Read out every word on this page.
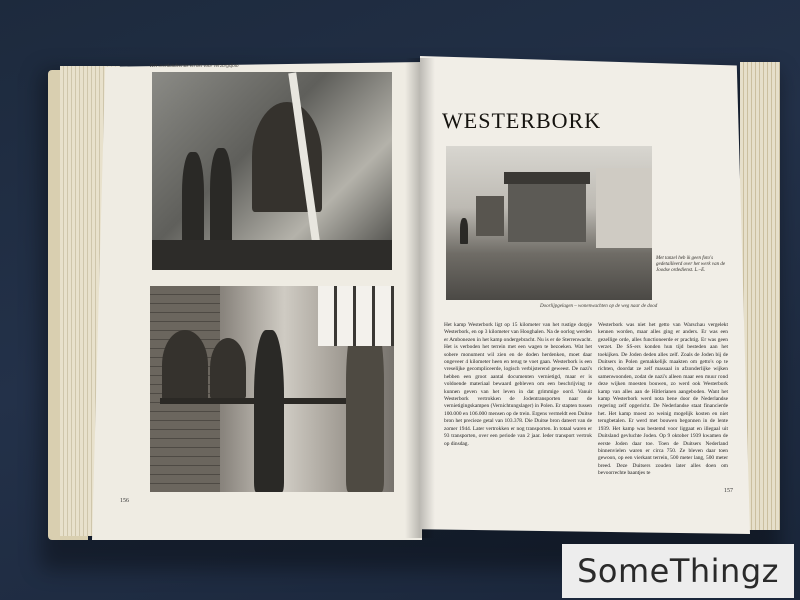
Het ovenlandverste en het voor verzorgsfoto
156
WESTERBORK
Doorlijpgelagen – wonenwachten op de weg naar de dood
Met tanzel heb ik geen foto's gedetailleerd over het werk van de Joodse ordedienst. L.–E.
Het kamp Westerbork ligt op 15 kilometer van het rustige dorpje Westerbork, en op 3 kilometer van Hooghalen. Na de oorlog werden er Ambonezen in het kamp ondergebracht. Nu is er de Sterrenwacht. Het is verboden het terrein met een wagen te bezoeken. Wat het sobere monument wil zien en de doden herdenken, moet daar ongeveer 4 kilometer heen en terug te voet gaan. Westerbork is een vreselijke gecompliceerde, logisch verbijsterend geweest. De nazi's hebben een groot aantal documenten vernietigd, maar er is voldoende materiaal bewaard gebleven om een beschrijving te kunnen geven van het leven in dat grimmige oord. Vanuit Westerbork vertrokken de Jodentransporten naar de vernietigingskampen (Vernichtungslager) in Polen. Er stapten tussen 100.000 en 106.000 mensen op de trein. Ergens vermeldt een Duitse bron het precieze getal van 103.378. Die Duitse bron dateert van de zomer 1944. Later vertrokken er nog transporten. In totaal waren er 93 transporten, over een periode van 2 jaar. Ieder transport vertrok op dinsdag.
Westerbork was niet het getto van Warschau vergelekt kennen worden, maar alles ging er anders. Er was een gezellige orde, alles functioneerde er prachtig. Er was geen verzet. De SS-ers konden hun tijd besteden aan het toekijken. De Joden deden alles zelf. Zoals de Joden bij de Duitsers in Polen gemakkelijk maakten om getto's op te richten, doordat ze zelf massaal in afzonderlijke wijken samenwoonden, zodat de nazi's alleen maar een muur rond deze wijken moesten bouwen, zo werd ook Westerbork kamp van alles aan de Hitlerianen aangeboden. Want het kamp Westerbork werd nota bene door de Nederlandse regering zelf opgericht. De Nederlandse staat financierde het. Het kamp moest zo weinig mogelijk kosten en niet terugbetalen. Er werd met bouwen begonnen in de lente 1939. Het kamp was bestemd voor liggaat en illegaal uit Duitsland gevluchte Joden. Op 9 oktober 1939 kwamen de eerste Joden daar toe. Toen de Duitsers Nederland binnenvielen waren er circa 750. Ze bleven daar toen gewoon, op een vierkant terrein, 500 meter lang, 500 meter breed. Deze Duitsers zouden later alles doen om bevoorrechte baantjes te
157
SomeThingz
